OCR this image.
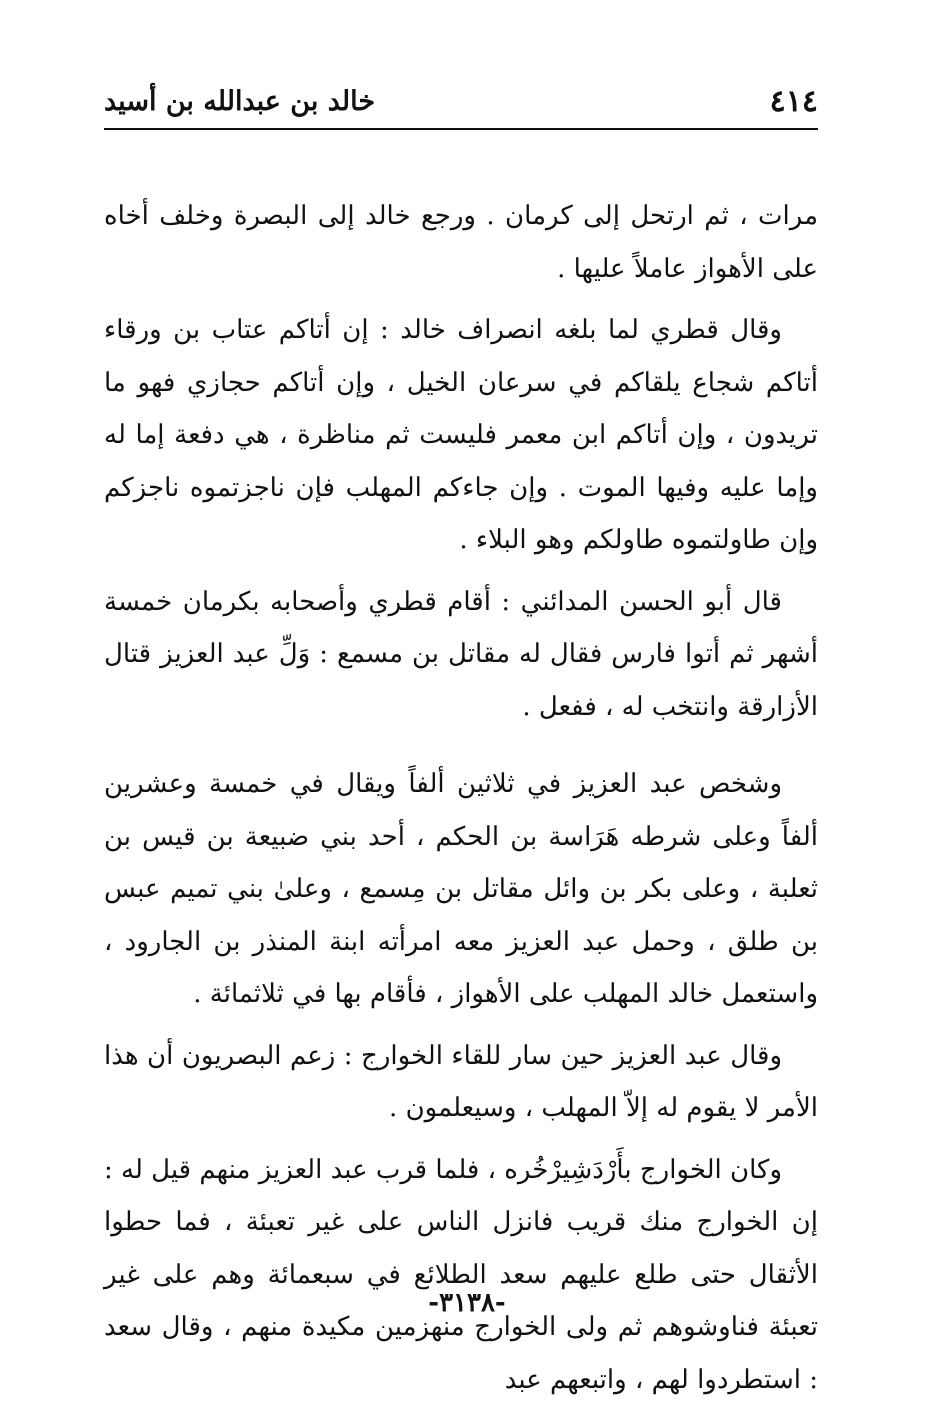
٤١٤
خالد بن عبدالله بن أسيد

مرات ، ثم ارتحل إلى كرمان . ورجع خالد إلى البصرة وخلف أخاه على الأهواز عاملاً عليها .

وقال قطري لما بلغه انصراف خالد : إن أتاكم عتاب بن ورقاء أتاكم شجاع يلقاكم في سرعان الخيل ، وإن أتاكم حجازي فهو ما تريدون ، وإن أتاكم ابن معمر فليست ثم مناظرة ، هي دفعة إما له وإما عليه وفيها الموت . وإن جاءكم المهلب فإن ناجزتموه ناجزكم وإن طاولتموه طاولكم وهو البلاء .

قال أبو الحسن المدائني : أقام قطري وأصحابه بكرمان خمسة أشهر ثم أتوا فارس فقال له مقاتل بن مسمع : وَلِّ عبد العزيز قتال الأزارقة وانتخب له ، ففعل .

وشخص عبد العزيز في ثلاثين ألفاً ويقال في خمسة وعشرين ألفاً وعلى شرطه هَرَاسة بن الحكم ، أحد بني ضبيعة بن قيس بن ثعلبة ، وعلى بكر بن وائل مقاتل بن مِسمع ، وعلىٰ بني تميم عبس بن طلق ، وحمل عبد العزيز معه امرأته ابنة المنذر بن الجارود ، واستعمل خالد المهلب على الأهواز ، فأقام بها في ثلاثمائة .

وقال عبد العزيز حين سار للقاء الخوارج : زعم البصريون أن هذا الأمر لا يقوم له إلاّ المهلب ، وسيعلمون .

وكان الخوارج بأَرْدَشِيرْخُره ، فلما قرب عبد العزيز منهم قيل له : إن الخوارج منك قريب فانزل الناس على غير تعبئة ، فما حطوا الأثقال حتى طلع عليهم سعد الطلائع في سبعمائة وهم على غير تعبئة فناوشوهم ثم ولى الخوارج منهزمين مكيدة منهم ، وقال سعد : استطردوا لهم ، واتبعهم عبد

-٣١٣٨-
